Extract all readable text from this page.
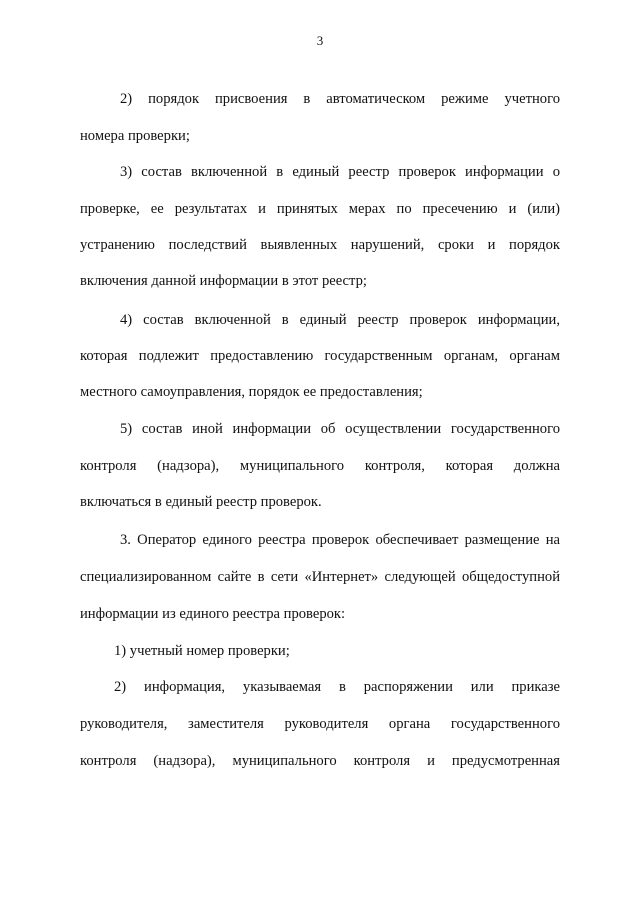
3
2) порядок присвоения в автоматическом режиме учетного
номера проверки;
3) состав включенной в единый реестр проверок информации о
проверке, ее результатах и принятых мерах по пресечению и (или)
устранению последствий выявленных нарушений, сроки и порядок
включения данной информации в этот реестр;
4) состав включенной в единый реестр проверок информации,
которая подлежит предоставлению государственным органам, органам
местного самоуправления, порядок ее предоставления;
5) состав иной информации об осуществлении государственного
контроля (надзора), муниципального контроля, которая должна
включаться в единый реестр проверок.
3. Оператор единого реестра проверок обеспечивает размещение на
специализированном сайте в сети «Интернет» следующей общедоступной
информации из единого реестра проверок:
1) учетный номер проверки;
2) информация, указываемая в распоряжении или приказе
руководителя, заместителя руководителя органа государственного
контроля (надзора), муниципального контроля и предусмотренная
